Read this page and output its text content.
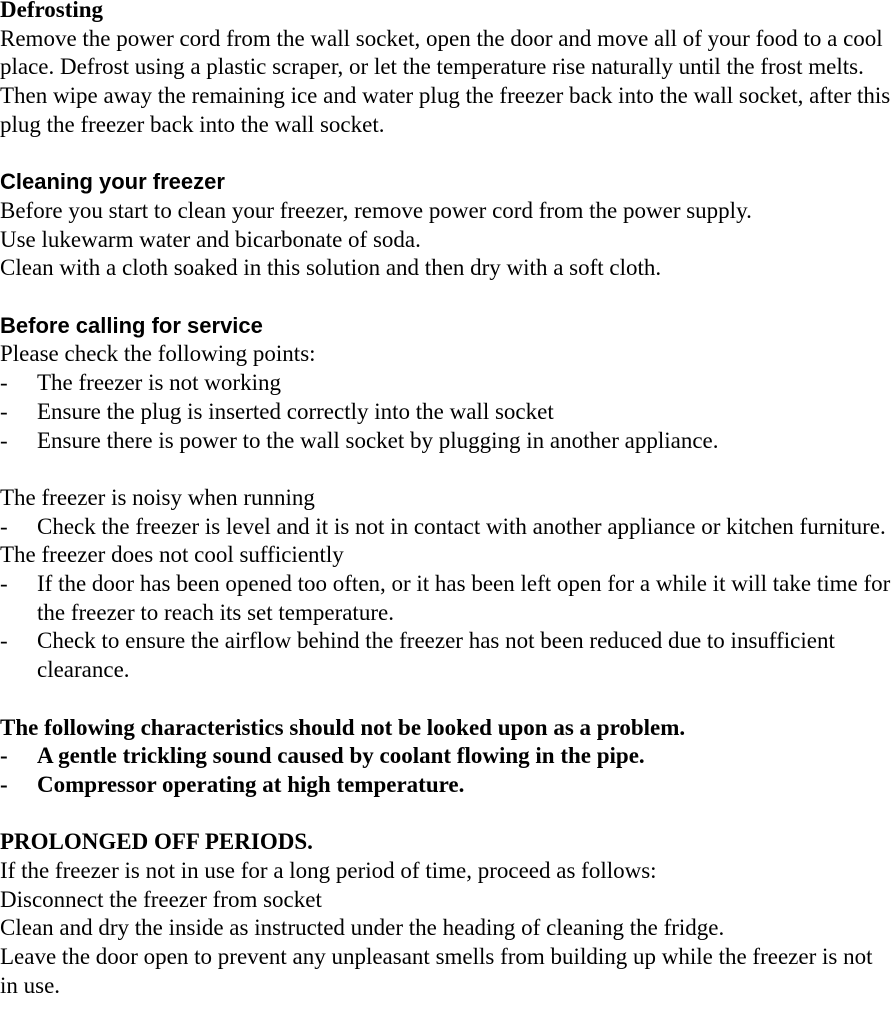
Defrosting

Remove the power cord from the wall socket, open the door and move all of your food to a cool place. Defrost using a plastic scraper, or let the temperature rise naturally until the frost melts. Then wipe away the remaining ice and water plug the freezer back into the wall socket, after this plug the freezer back into the wall socket.

Cleaning your freezer

Before you start to clean your freezer, remove power cord from the power supply.

Use lukewarm water and bicarbonate of soda.

Clean with a cloth soaked in this solution and then dry with a soft cloth.

Before calling for service

Please check the following points:

- The freezer is not working
- Ensure the plug is inserted correctly into the wall socket
- Ensure there is power to the wall socket by plugging in another appliance.

The freezer is noisy when running

- Check the freezer is level and it is not in contact with another appliance or kitchen furniture.

The freezer does not cool sufficiently

- If the door has been opened too often, or it has been left open for a while it will take time for the freezer to reach its set temperature.
- Check to ensure the airflow behind the freezer has not been reduced due to insufficient clearance.

The following characteristics should not be looked upon as a problem.

- A gentle trickling sound caused by coolant flowing in the pipe.
- Compressor operating at high temperature.

PROLONGED OFF PERIODS.

If the freezer is not in use for a long period of time, proceed as follows:

Disconnect the freezer from socket

Clean and dry the inside as instructed under the heading of cleaning the fridge.

Leave the door open to prevent any unpleasant smells from building up while the freezer is not in use.
